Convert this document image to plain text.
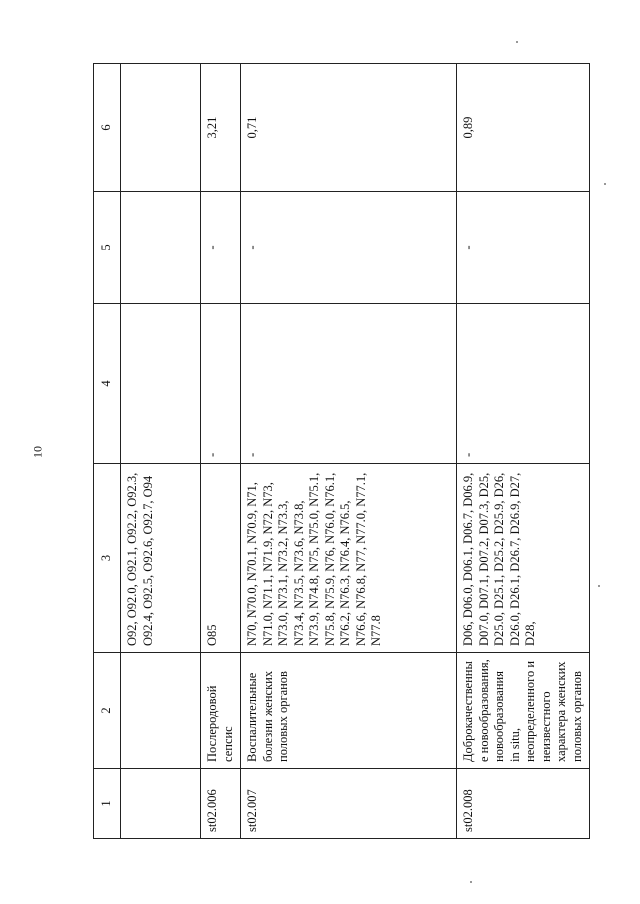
10
1	2	3	4	5	6
		O92, O92.0, O92.1, O92.2, O92.3, O92.4, O92.5, O92.6, O92.7, O94			
st02.006	Послеродовой сепсис	O85	-	-	3,21
st02.007	Воспалительные болезни женских половых органов	N70, N70.0, N70.1, N70.9, N71, N71.0, N71.1, N71.9, N72, N73, N73.0, N73.1, N73.2, N73.3, N73.4, N73.5, N73.6, N73.8, N73.9, N74.8, N75, N75.0, N75.1, N75.8, N75.9, N76, N76.0, N76.1, N76.2, N76.3, N76.4, N76.5, N76.6, N76.8, N77, N77.0, N77.1, N77.8	-	-	0,71
st02.008	Доброкачественные новообразования, новообразования in situ, неопределенного и неизвестного характера женских половых органов	D06, D06.0, D06.1, D06.7, D06.9, D07.0, D07.1, D07.2, D07.3, D25, D25.0, D25.1, D25.2, D25.9, D26, D26.0, D26.1, D26.7, D26.9, D27, D28,	-	-	0,89
